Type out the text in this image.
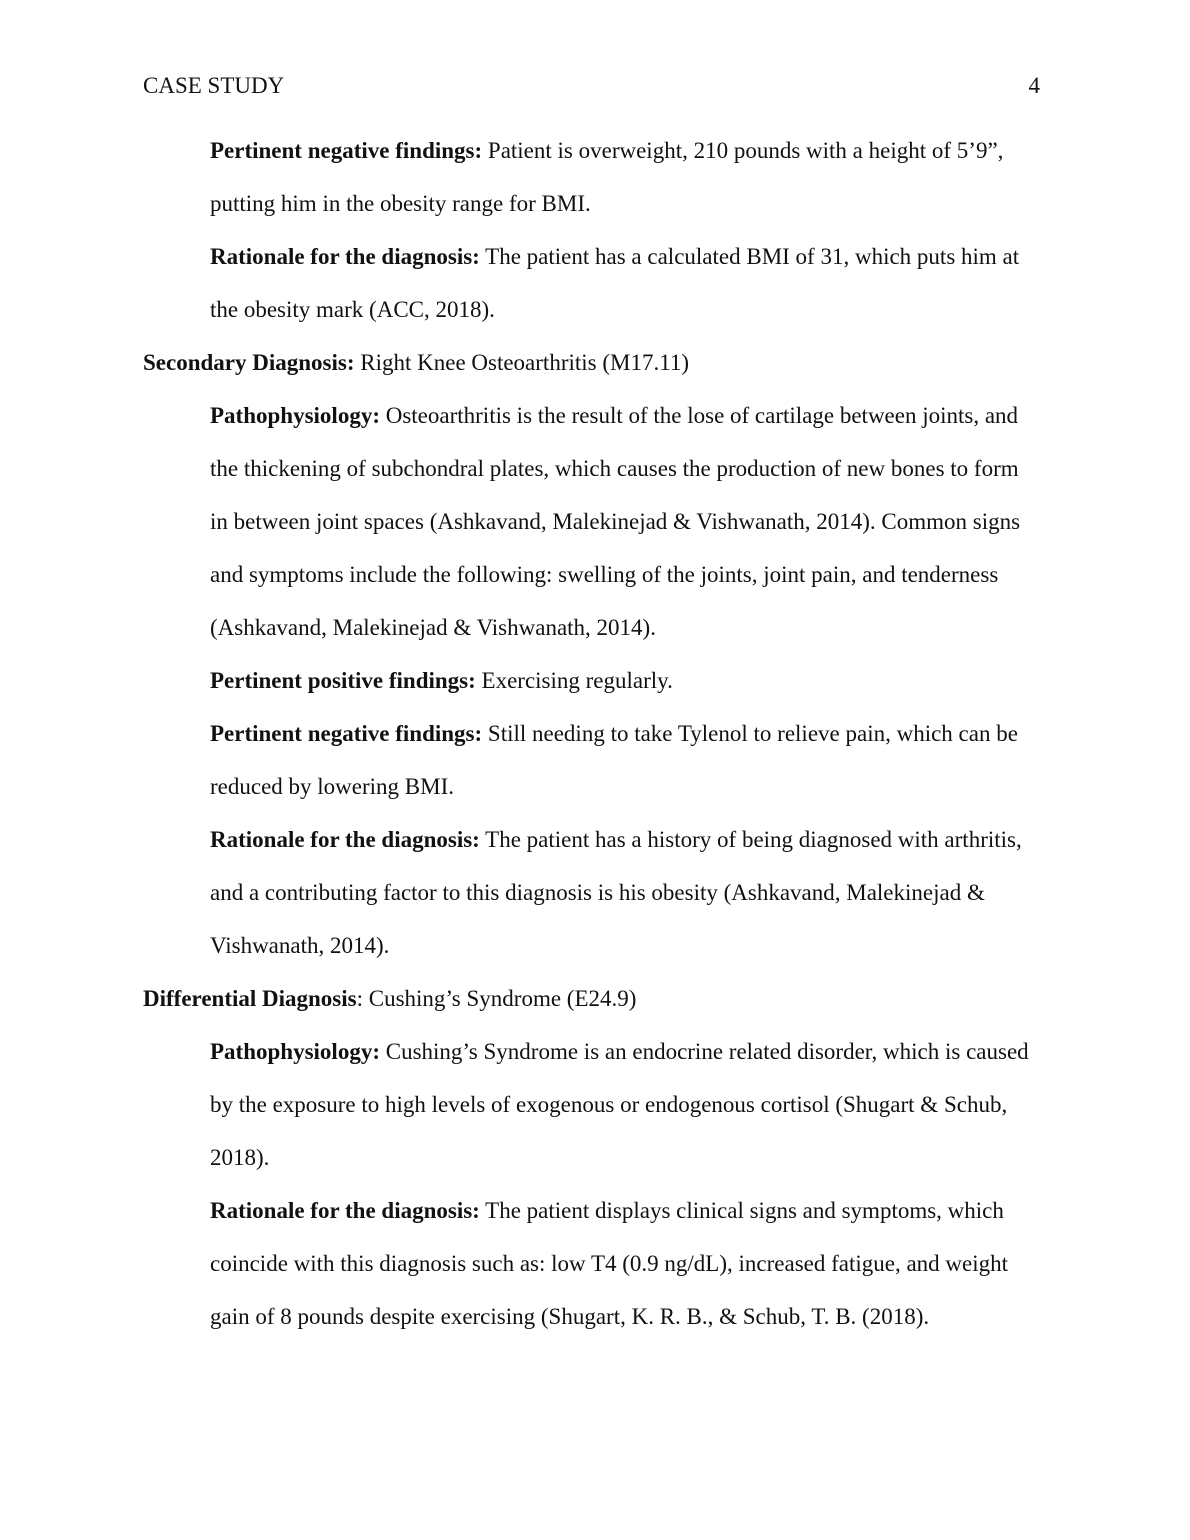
CASE STUDY	4

Pertinent negative findings: Patient is overweight, 210 pounds with a height of 5’9”, putting him in the obesity range for BMI.

Rationale for the diagnosis: The patient has a calculated BMI of 31, which puts him at the obesity mark (ACC, 2018).

Secondary Diagnosis: Right Knee Osteoarthritis (M17.11)

Pathophysiology: Osteoarthritis is the result of the lose of cartilage between joints, and the thickening of subchondral plates, which causes the production of new bones to form in between joint spaces (Ashkavand, Malekinejad & Vishwanath, 2014). Common signs and symptoms include the following: swelling of the joints, joint pain, and tenderness (Ashkavand, Malekinejad & Vishwanath, 2014).

Pertinent positive findings: Exercising regularly.

Pertinent negative findings: Still needing to take Tylenol to relieve pain, which can be reduced by lowering BMI.

Rationale for the diagnosis: The patient has a history of being diagnosed with arthritis, and a contributing factor to this diagnosis is his obesity (Ashkavand, Malekinejad & Vishwanath, 2014).

Differential Diagnosis: Cushing’s Syndrome (E24.9)

Pathophysiology: Cushing’s Syndrome is an endocrine related disorder, which is caused by the exposure to high levels of exogenous or endogenous cortisol (Shugart & Schub, 2018).

Rationale for the diagnosis: The patient displays clinical signs and symptoms, which coincide with this diagnosis such as: low T4 (0.9 ng/dL), increased fatigue, and weight gain of 8 pounds despite exercising (Shugart, K. R. B., & Schub, T. B. (2018).
